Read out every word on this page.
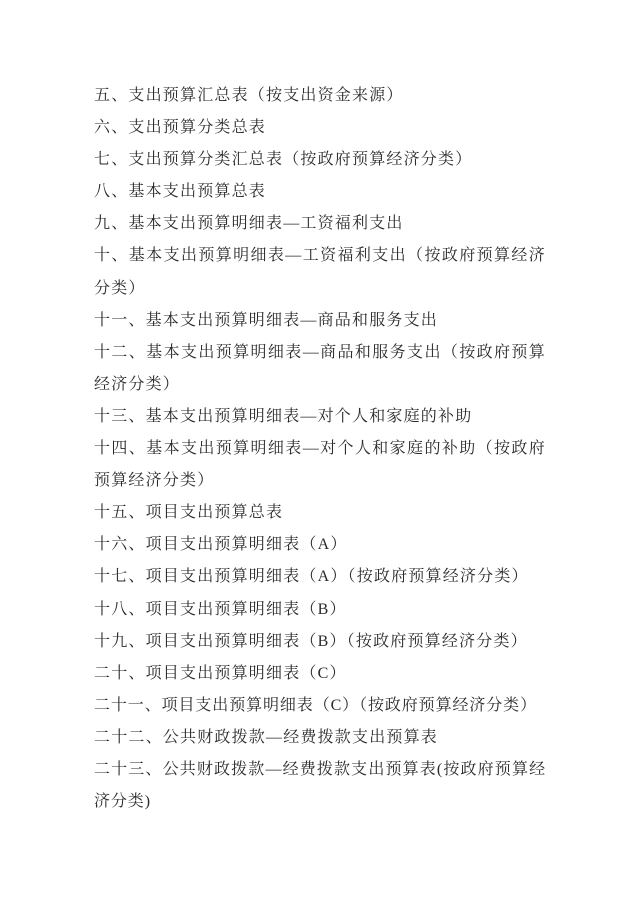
五、支出预算汇总表（按支出资金来源）

六、支出预算分类总表

七、支出预算分类汇总表（按政府预算经济分类）

八、基本支出预算总表

九、基本支出预算明细表—工资福利支出

十、基本支出预算明细表—工资福利支出（按政府预算经济分类）

十一、基本支出预算明细表—商品和服务支出

十二、基本支出预算明细表—商品和服务支出（按政府预算经济分类）

十三、基本支出预算明细表—对个人和家庭的补助

十四、基本支出预算明细表—对个人和家庭的补助（按政府预算经济分类）

十五、项目支出预算总表

十六、项目支出预算明细表（A）

十七、项目支出预算明细表（A）（按政府预算经济分类）

十八、项目支出预算明细表（B）

十九、项目支出预算明细表（B）（按政府预算经济分类）

二十、项目支出预算明细表（C）

二十一、项目支出预算明细表（C）（按政府预算经济分类）

二十二、公共财政拨款—经费拨款支出预算表

二十三、公共财政拨款—经费拨款支出预算表(按政府预算经济分类)
